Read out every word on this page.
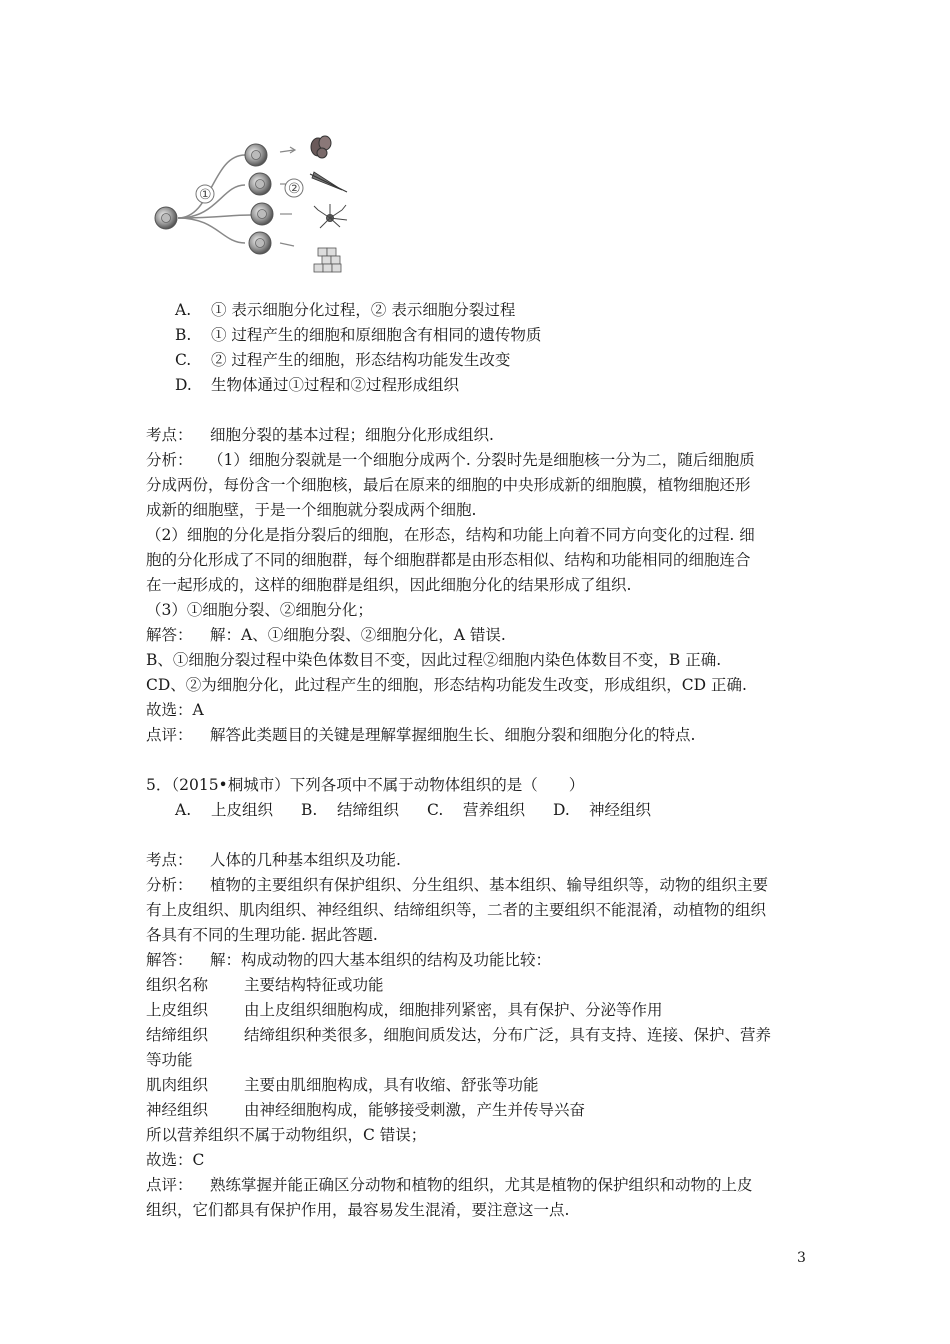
①	②
A. ① 表示细胞分化过程，② 表示细胞分裂过程
B. ① 过程产生的细胞和原细胞含有相同的遗传物质
C. ② 过程产生的细胞，形态结构功能发生改变
D. 生物体通过①过程和②过程形成组织
考点： 细胞分裂的基本过程；细胞分化形成组织.
分析： （1）细胞分裂就是一个细胞分成两个. 分裂时先是细胞核一分为二，随后细胞质
分成两份，每份含一个细胞核，最后在原来的细胞的中央形成新的细胞膜，植物细胞还形
成新的细胞壁，于是一个细胞就分裂成两个细胞.
（2）细胞的分化是指分裂后的细胞，在形态，结构和功能上向着不同方向变化的过程. 细
胞的分化形成了不同的细胞群，每个细胞群都是由形态相似、结构和功能相同的细胞连合
在一起形成的，这样的细胞群是组织，因此细胞分化的结果形成了组织.
（3）①细胞分裂、②细胞分化；
解答： 解：A、①细胞分裂、②细胞分化，A 错误.
B、①细胞分裂过程中染色体数目不变，因此过程②细胞内染色体数目不变，B 正确.
CD、②为细胞分化，此过程产生的细胞，形态结构功能发生改变，形成组织，CD 正确.
故选：A
点评： 解答此类题目的关键是理解掌握细胞生长、细胞分裂和细胞分化的特点.
5．（2015•桐城市）下列各项中不属于动物体组织的是（　　）
A. 上皮组织 B. 结缔组织 C. 营养组织 D. 神经组织
考点： 人体的几种基本组织及功能.
分析： 植物的主要组织有保护组织、分生组织、基本组织、输导组织等，动物的组织主要
有上皮组织、肌肉组织、神经组织、结缔组织等，二者的主要组织不能混淆，动植物的组织
各具有不同的生理功能. 据此答题.
解答： 解：构成动物的四大基本组织的结构及功能比较：
组织名称 主要结构特征或功能
上皮组织 由上皮组织细胞构成，细胞排列紧密，具有保护、分泌等作用
结缔组织 结缔组织种类很多，细胞间质发达，分布广泛，具有支持、连接、保护、营养
等功能
肌肉组织 主要由肌细胞构成，具有收缩、舒张等功能
神经组织 由神经细胞构成，能够接受刺激，产生并传导兴奋
所以营养组织不属于动物组织，C 错误；
故选：C
点评： 熟练掌握并能正确区分动物和植物的组织，尤其是植物的保护组织和动物的上皮
组织，它们都具有保护作用，最容易发生混淆，要注意这一点.
3
